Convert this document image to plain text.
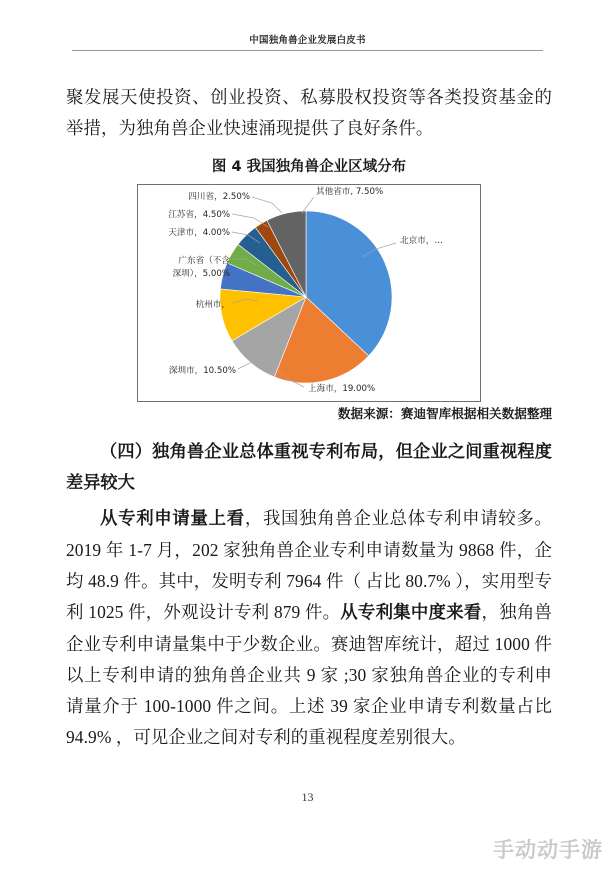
中国独角兽企业发展白皮书
聚发展天使投资、创业投资、私募股权投资等各类投资基金的举措，为独角兽企业快速涌现提供了良好条件。
图 4 我国独角兽企业区域分布
北京市，…
上海市，19.00%
深圳市，10.50%
杭州市，
广东省（不含深圳），5.00%
天津市，4.00%
江苏省，4.50%
四川省，2.50%	其他省市, 7.50%
数据来源：赛迪智库根据相关数据整理
（四）独角兽企业总体重视专利布局，但企业之间重视程度差异较大
从专利申请量上看，我国独角兽企业总体专利申请较多。2019 年 1-7 月，202 家独角兽企业专利申请数量为 9868 件，企均 48.9 件。其中，发明专利 7964 件（ 占比 80.7% ），实用型专利 1025 件，外观设计专利 879 件。从专利集中度来看，独角兽企业专利申请量集中于少数企业。赛迪智库统计，超过 1000 件以上专利申请的独角兽企业共 9 家 ;30 家独角兽企业的专利申请量介于 100-1000 件之间。上述 39 家企业申请专利数量占比 94.9% ，可见企业之间对专利的重视程度差别很大。
13
手动动手游
